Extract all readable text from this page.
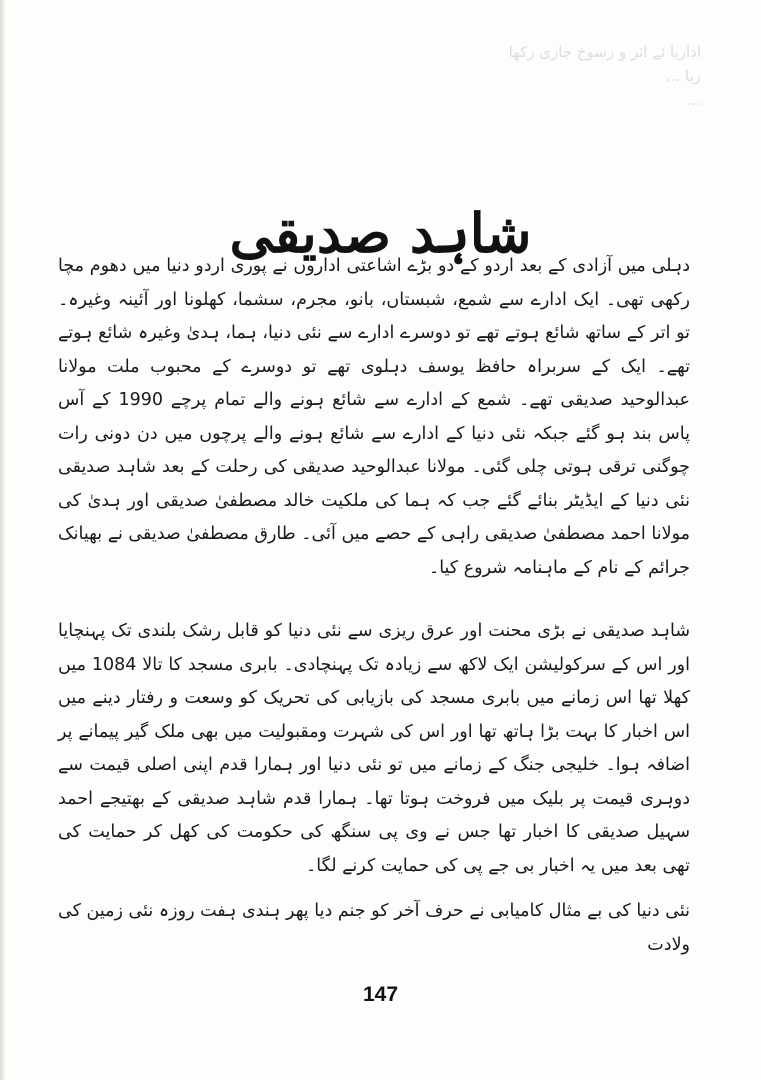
اداریا ئے اثر و رسوخ جاری رکھا
ریا ...
...
شاہد صدیقی

دہلی میں آزادی کے بعد اردو کے دو بڑے اشاعتی اداروں نے پوری اردو دنیا میں دھوم مچا رکھی تھی۔ ایک ادارے سے شمع، شبستاں، بانو، مجرم، سشما، کھلونا اور آئینہ وغیرہ۔ تو اتر کے ساتھ شائع ہوتے تھے تو دوسرے ادارے سے نئی دنیا، ہما، ہدیٰ وغیرہ شائع ہوتے تھے۔ ایک کے سربراہ حافظ یوسف دہلوی تھے تو دوسرے کے محبوب ملت مولانا عبدالوحید صدیقی تھے۔ شمع کے ادارے سے شائع ہونے والے تمام پرچے 1990 کے آس پاس بند ہو گئے جبکہ نئی دنیا کے ادارے سے شائع ہونے والے پرچوں میں دن دونی رات چوگنی ترقی ہوتی چلی گئی۔ مولانا عبدالوحید صدیقی کی رحلت کے بعد شاہد صدیقی نئی دنیا کے ایڈیٹر بنائے گئے جب کہ ہما کی ملکیت خالد مصطفیٰ صدیقی اور ہدیٰ کی مولانا احمد مصطفیٰ صدیقی راہی کے حصے میں آئی۔ طارق مصطفیٰ صدیقی نے بھیانک جرائم کے نام کے ماہنامہ شروع کیا۔

شاہد صدیقی نے بڑی محنت اور عرق ریزی سے نئی دنیا کو قابل رشک بلندی تک پہنچایا اور اس کے سرکولیشن ایک لاکھ سے زیادہ تک پہنچادی۔ بابری مسجد کا تالا 1084 میں کھلا تھا اس زمانے میں بابری مسجد کی بازیابی کی تحریک کو وسعت و رفتار دینے میں اس اخبار کا بہت بڑا ہاتھ تھا اور اس کی شہرت ومقبولیت میں بھی ملک گیر پیمانے پر اضافہ ہوا۔ خلیجی جنگ کے زمانے میں تو نئی دنیا اور ہمارا قدم اپنی اصلی قیمت سے دوہری قیمت پر بلیک میں فروخت ہوتا تھا۔ ہمارا قدم شاہد صدیقی کے بھتیجے احمد سہیل صدیقی کا اخبار تھا جس نے وی پی سنگھ کی حکومت کی کھل کر حمایت کی تھی بعد میں یہ اخبار بی جے پی کی حمایت کرنے لگا۔

نئی دنیا کی بے مثال کامیابی نے حرف آخر کو جنم دیا پھر ہندی ہفت روزہ نئی زمین کی ولادت

147
